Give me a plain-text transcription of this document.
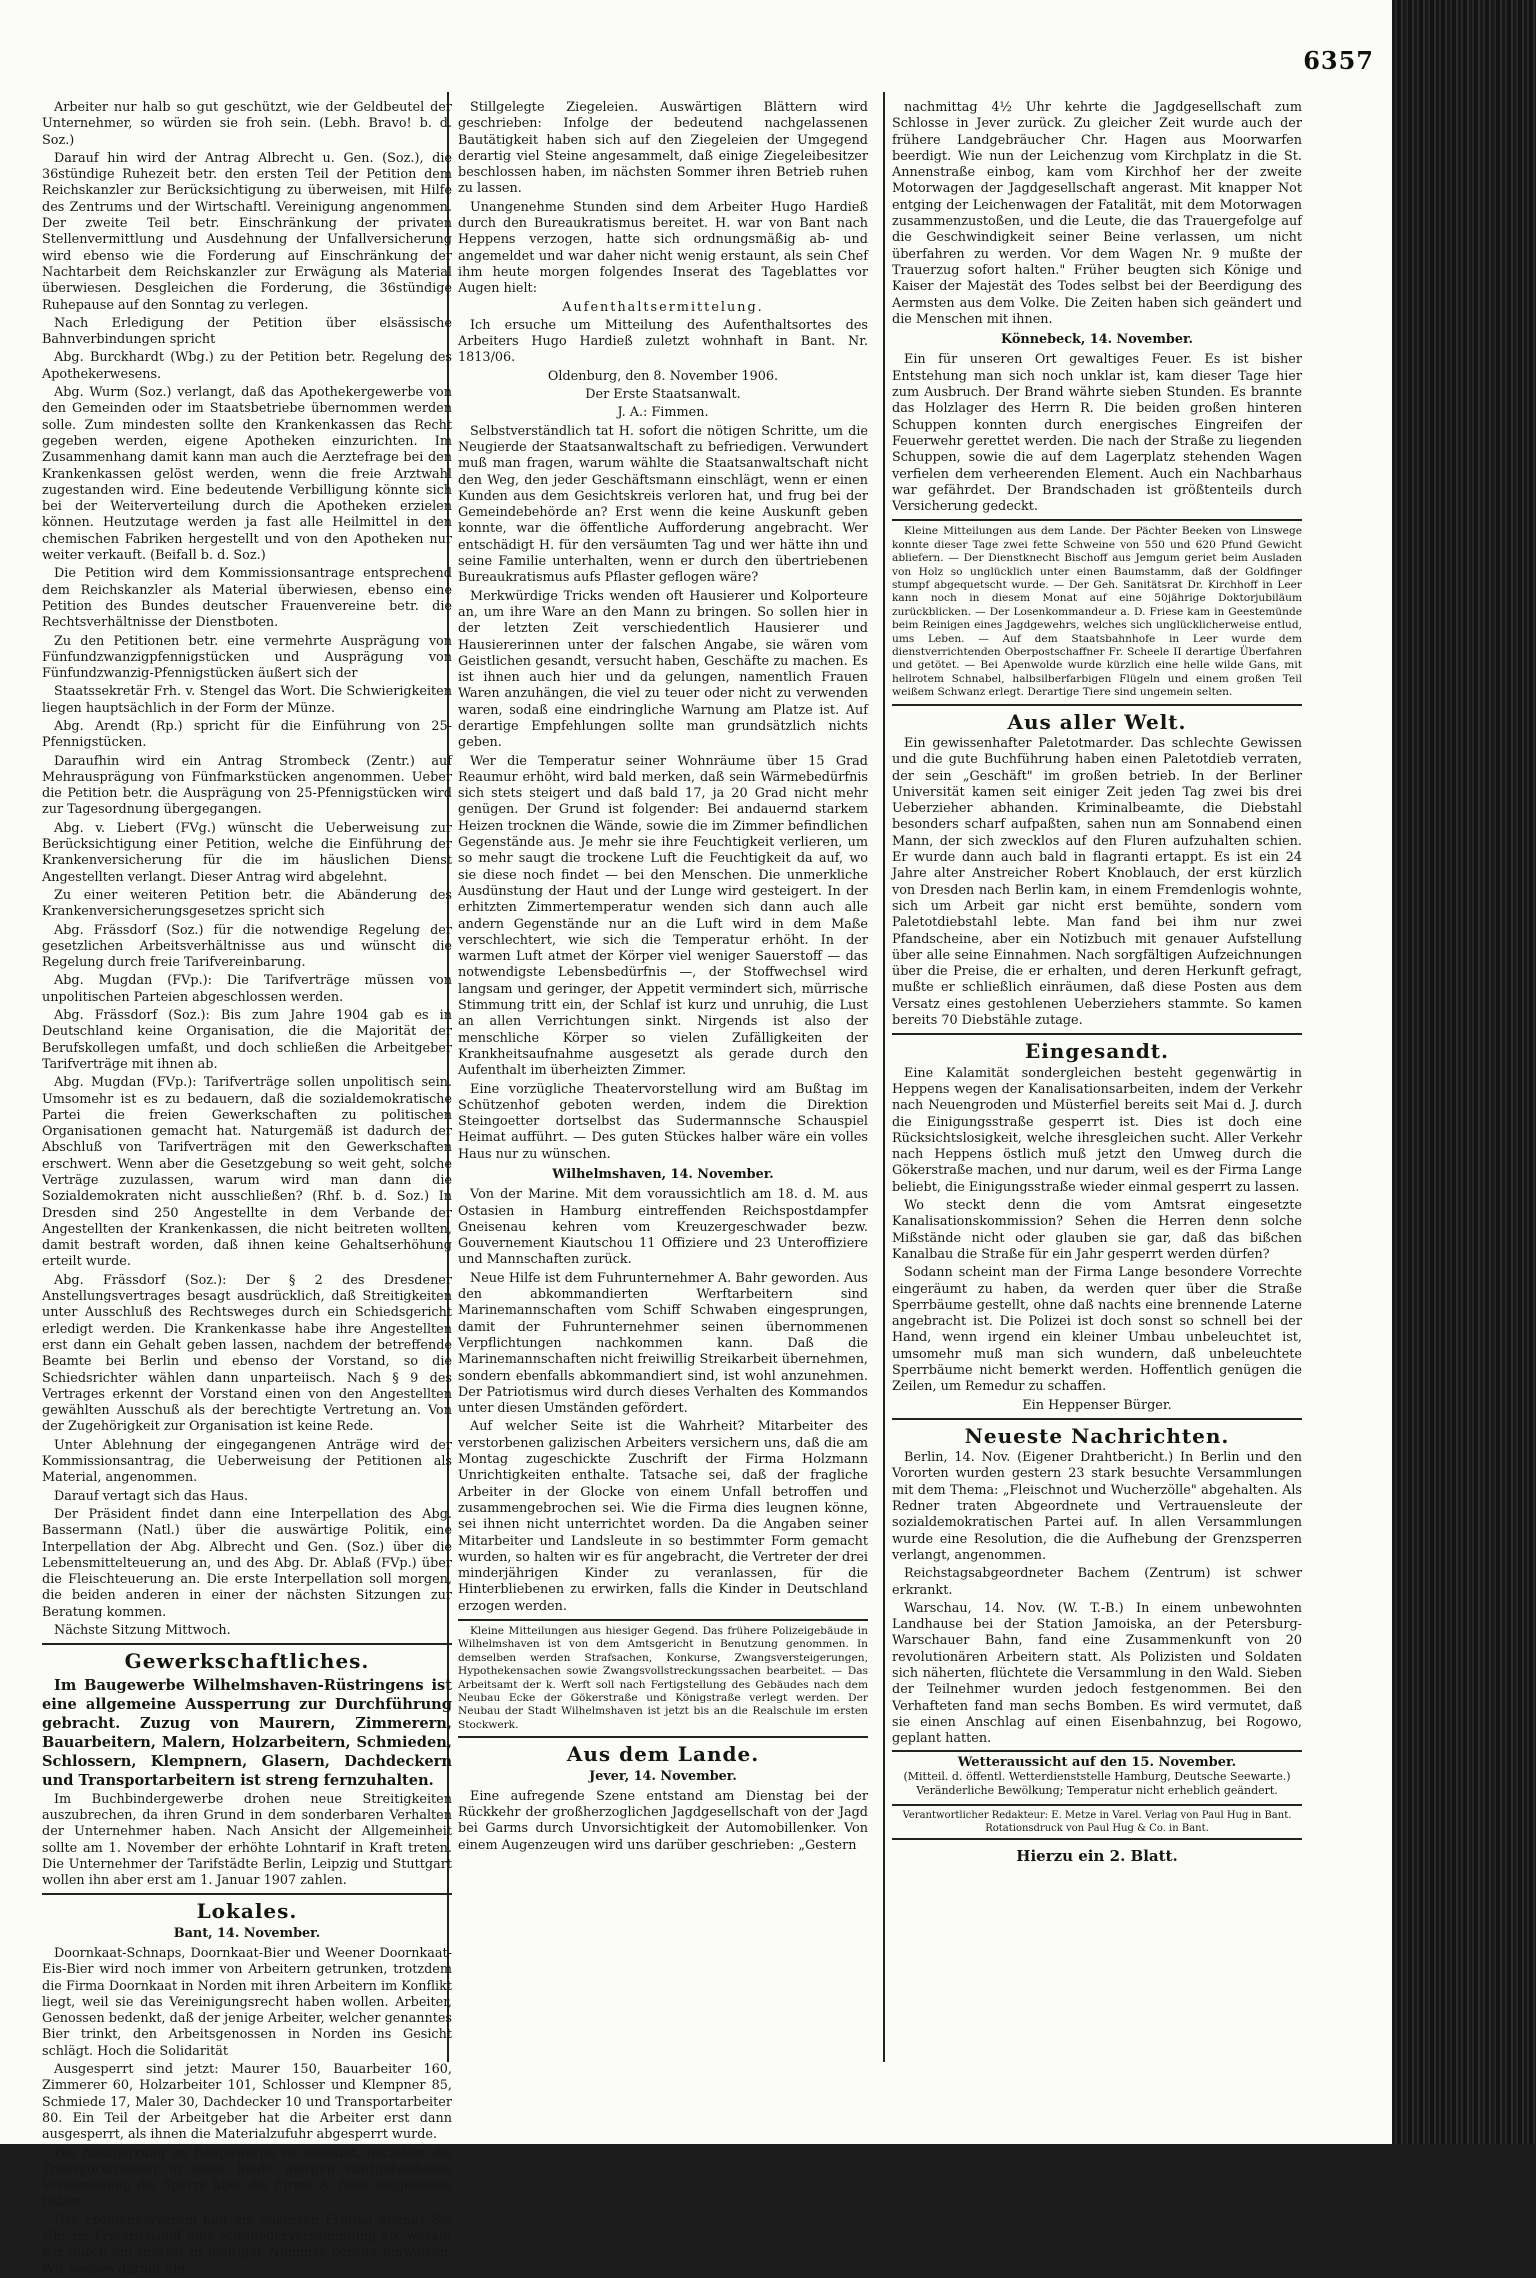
6357

Arbeiter nur halb so gut geschützt, wie der Geldbeutel der Unternehmer, so würden sie froh sein. (Lebh. Bravo! b. d. Soz.)

Darauf hin wird der Antrag Albrecht u. Gen. (Soz.), die 36stündige Ruhezeit betr. den ersten Teil der Petition dem Reichskanzler zur Berücksichtigung zu überweisen, mit Hilfe des Zentrums und der Wirtschaftl. Vereinigung angenommen. Der zweite Teil betr. Einschränkung der privaten Stellenvermittlung und Ausdehnung der Unfallversicherung wird ebenso wie die Forderung auf Einschränkung der Nachtarbeit dem Reichskanzler zur Erwägung als Material überwiesen. Desgleichen die Forderung, die 36stündige Ruhepause auf den Sonntag zu verlegen.

Nach Erledigung der Petition über elsässische Bahnverbindungen spricht

Abg. Burckhardt (Wbg.) zu der Petition betr. Regelung des Apothekerwesens.

Abg. Wurm (Soz.) verlangt, daß das Apothekergewerbe von den Gemeinden oder im Staatsbetriebe übernommen werden solle. Zum mindesten sollte den Krankenkassen das Recht gegeben werden, eigene Apotheken einzurichten. Im Zusammenhang damit kann man auch die Aerztefrage bei den Krankenkassen gelöst werden, wenn die freie Arztwahl zugestanden wird. Eine bedeutende Verbilligung könnte sich bei der Weiterverteilung durch die Apotheken erzielen können. Heutzutage werden ja fast alle Heilmittel in den chemischen Fabriken hergestellt und von den Apotheken nur weiter verkauft. (Beifall b. d. Soz.)

Die Petition wird dem Kommissionsantrage entsprechend dem Reichskanzler als Material überwiesen, ebenso eine Petition des Bundes deutscher Frauenvereine betr. die Rechtsverhältnisse der Dienstboten.

Zu den Petitionen betr. eine vermehrte Ausprägung von Fünfundzwanzigpfennigstücken und Ausprägung von Fünfundzwanzig-Pfennigstücken äußert sich der

Staatssekretär Frh. v. Stengel das Wort. Die Schwierigkeiten liegen hauptsächlich in der Form der Münze.

Abg. Arendt (Rp.) spricht für die Einführung von 25-Pfennigstücken.

Daraufhin wird ein Antrag Strombeck (Zentr.) auf Mehrausprägung von Fünfmarkstücken angenommen. Ueber die Petition betr. die Ausprägung von 25-Pfennigstücken wird zur Tagesordnung übergegangen.

Abg. v. Liebert (FVg.) wünscht die Ueberweisung zur Berücksichtigung einer Petition, welche die Einführung der Krankenversicherung für die im häuslichen Dienst Angestellten verlangt. Dieser Antrag wird abgelehnt.

Zu einer weiteren Petition betr. die Abänderung des Krankenversicherungsgesetzes spricht sich

Abg. Frässdorf (Soz.) für die notwendige Regelung der gesetzlichen Arbeitsverhältnisse aus und wünscht die Regelung durch freie Tarifvereinbarung.

Abg. Mugdan (FVp.): Die Tarifverträge müssen von unpolitischen Parteien abgeschlossen werden.

Abg. Frässdorf (Soz.): Bis zum Jahre 1904 gab es in Deutschland keine Organisation, die die Majorität der Berufskollegen umfaßt, und doch schließen die Arbeitgeber Tarifverträge mit ihnen ab.

Abg. Mugdan (FVp.): Tarifverträge sollen unpolitisch sein. Umsomehr ist es zu bedauern, daß die sozialdemokratische Partei die freien Gewerkschaften zu politischen Organisationen gemacht hat. Naturgemäß ist dadurch der Abschluß von Tarifverträgen mit den Gewerkschaften erschwert. Wenn aber die Gesetzgebung so weit geht, solche Verträge zuzulassen, warum wird man dann die Sozialdemokraten nicht ausschließen? (Rhf. b. d. Soz.) In Dresden sind 250 Angestellte in dem Verbande der Angestellten der Krankenkassen, die nicht beitreten wollten, damit bestraft worden, daß ihnen keine Gehaltserhöhung erteilt wurde.

Abg. Frässdorf (Soz.): Der § 2 des Dresdener Anstellungsvertrages besagt ausdrücklich, daß Streitigkeiten unter Ausschluß des Rechtsweges durch ein Schiedsgericht erledigt werden. Die Krankenkasse habe ihre Angestellten erst dann ein Gehalt geben lassen, nachdem der betreffende Beamte bei Berlin und ebenso der Vorstand, so die Schiedsrichter wählen dann unparteiisch. Nach § 9 des Vertrages erkennt der Vorstand einen von den Angestellten gewählten Ausschuß als der berechtigte Vertretung an. Von der Zugehörigkeit zur Organisation ist keine Rede.

Unter Ablehnung der eingegangenen Anträge wird der Kommissionsantrag, die Ueberweisung der Petitionen als Material, angenommen.

Darauf vertagt sich das Haus.

Der Präsident findet dann eine Interpellation des Abg. Bassermann (Natl.) über die auswärtige Politik, eine Interpellation der Abg. Albrecht und Gen. (Soz.) über die Lebensmittelteuerung an, und des Abg. Dr. Ablaß (FVp.) über die Fleischteuerung an. Die erste Interpellation soll morgen, die beiden anderen in einer der nächsten Sitzungen zur Beratung kommen.

Nächste Sitzung Mittwoch.

Gewerkschaftliches.

Im Baugewerbe Wilhelmshaven-Rüstringens ist eine allgemeine Aussperrung zur Durchführung gebracht. Zuzug von Maurern, Zimmerern, Bauarbeitern, Malern, Holzarbeitern, Schmieden, Schlossern, Klempnern, Glasern, Dachdeckern und Transportarbeitern ist streng fernzuhalten.

Im Buchbindergewerbe drohen neue Streitigkeiten auszubrechen, da ihren Grund in dem sonderbaren Verhalten der Unternehmer haben. Nach Ansicht der Allgemeinheit sollte am 1. November der erhöhte Lohntarif in Kraft treten. Die Unternehmer der Tarifstädte Berlin, Leipzig und Stuttgart wollen ihn aber erst am 1. Januar 1907 zahlen.

Lokales.
Bant, 14. November.

Doornkaat-Schnaps, Doornkaat-Bier und Weener Doornkaat-Eis-Bier wird noch immer von Arbeitern getrunken, trotzdem die Firma Doornkaat in Norden mit ihren Arbeitern im Konflikt liegt, weil sie das Vereinigungsrecht haben wollen. Arbeiter, Genossen bedenkt, daß der jenige Arbeiter, welcher genanntes Bier trinkt, den Arbeitsgenossen in Norden ins Gesicht schlägt. Hoch die Solidarität

Ausgesperrt sind jetzt: Maurer 150, Bauarbeiter 160, Zimmerer 60, Holzarbeiter 101, Schlosser und Klempner 85, Schmiede 17, Maler 30, Dachdecker 10 und Transportarbeiter 80. Ein Teil der Arbeitgeber hat die Arbeiter erst dann ausgesperrt, als ihnen die Materialzufuhr abgesperrt wurde.

Die Aussperrung im Baugewerbe ist beendet, nachdem die Transportarbeiter in einer heute morgen stattgefundenen Versammlung die Sperre über die Firma A. Bahr aufgehoben haben.

Der Freidenkerverein hält am nächsten Freitag abends 8½ Uhr im Friedrichshof eine Mitgliederversammlung ab, worauf wir durch ein Inserat in heutiger Nummer bereits hinweisen. Wir weisen darauf hin.

Stillgelegte Ziegeleien. Auswärtigen Blättern wird geschrieben: Infolge der bedeutend nachgelassenen Bautätigkeit haben sich auf den Ziegeleien der Umgegend derartig viel Steine angesammelt, daß einige Ziegeleibesitzer beschlossen haben, im nächsten Sommer ihren Betrieb ruhen zu lassen.

Unangenehme Stunden sind dem Arbeiter Hugo Hardieß durch den Bureaukratismus bereitet. H. war von Bant nach Heppens verzogen, hatte sich ordnungsmäßig ab- und angemeldet und war daher nicht wenig erstaunt, als sein Chef ihm heute morgen folgendes Inserat des Tageblattes vor Augen hielt:

Aufenthaltsermittelung.

Ich ersuche um Mitteilung des Aufenthaltsortes des Arbeiters Hugo Hardieß zuletzt wohnhaft in Bant. Nr. 1813/06.

Oldenburg, den 8. November 1906.

Der Erste Staatsanwalt.

J. A.: Fimmen.

Selbstverständlich tat H. sofort die nötigen Schritte, um die Neugierde der Staatsanwaltschaft zu befriedigen. Verwundert muß man fragen, warum wählte die Staatsanwaltschaft nicht den Weg, den jeder Geschäftsmann einschlägt, wenn er einen Kunden aus dem Gesichtskreis verloren hat, und frug bei der Gemeindebehörde an? Erst wenn die keine Auskunft geben konnte, war die öffentliche Aufforderung angebracht. Wer entschädigt H. für den versäumten Tag und wer hätte ihn und seine Familie unterhalten, wenn er durch den übertriebenen Bureaukratismus aufs Pflaster geflogen wäre?

Merkwürdige Tricks wenden oft Hausierer und Kolporteure an, um ihre Ware an den Mann zu bringen. So sollen hier in der letzten Zeit verschiedentlich Hausierer und Hausiererinnen unter der falschen Angabe, sie wären vom Geistlichen gesandt, versucht haben, Geschäfte zu machen. Es ist ihnen auch hier und da gelungen, namentlich Frauen Waren anzuhängen, die viel zu teuer oder nicht zu verwenden waren, sodaß eine eindringliche Warnung am Platze ist. Auf derartige Empfehlungen sollte man grundsätzlich nichts geben.

Wer die Temperatur seiner Wohnräume über 15 Grad Reaumur erhöht, wird bald merken, daß sein Wärmebedürfnis sich stets steigert und daß bald 17, ja 20 Grad nicht mehr genügen. Der Grund ist folgender: Bei andauernd starkem Heizen trocknen die Wände, sowie die im Zimmer befindlichen Gegenstände aus. Je mehr sie ihre Feuchtigkeit verlieren, um so mehr saugt die trockene Luft die Feuchtigkeit da auf, wo sie diese noch findet — bei den Menschen. Die unmerkliche Ausdünstung der Haut und der Lunge wird gesteigert. In der erhitzten Zimmertemperatur wenden sich dann auch alle andern Gegenstände nur an die Luft wird in dem Maße verschlechtert, wie sich die Temperatur erhöht. In der warmen Luft atmet der Körper viel weniger Sauerstoff — das notwendigste Lebensbedürfnis —, der Stoffwechsel wird langsam und geringer, der Appetit vermindert sich, mürrische Stimmung tritt ein, der Schlaf ist kurz und unruhig, die Lust an allen Verrichtungen sinkt. Nirgends ist also der menschliche Körper so vielen Zufälligkeiten der Krankheitsaufnahme ausgesetzt als gerade durch den Aufenthalt im überheizten Zimmer.

Eine vorzügliche Theatervorstellung wird am Bußtag im Schützenhof geboten werden, indem die Direktion Steingoetter dortselbst das Sudermannsche Schauspiel Heimat aufführt. — Des guten Stückes halber wäre ein volles Haus nur zu wünschen.

Wilhelmshaven, 14. November.

Von der Marine. Mit dem voraussichtlich am 18. d. M. aus Ostasien in Hamburg eintreffenden Reichspostdampfer Gneisenau kehren vom Kreuzergeschwader bezw. Gouvernement Kiautschou 11 Offiziere und 23 Unteroffiziere und Mannschaften zurück.

Neue Hilfe ist dem Fuhrunternehmer A. Bahr geworden. Aus den abkommandierten Werftarbeitern sind Marinemannschaften vom Schiff Schwaben eingesprungen, damit der Fuhrunternehmer seinen übernommenen Verpflichtungen nachkommen kann. Daß die Marinemannschaften nicht freiwillig Streikarbeit übernehmen, sondern ebenfalls abkommandiert sind, ist wohl anzunehmen. Der Patriotismus wird durch dieses Verhalten des Kommandos unter diesen Umständen gefördert.

Auf welcher Seite ist die Wahrheit? Mitarbeiter des verstorbenen galizischen Arbeiters versichern uns, daß die am Montag zugeschickte Zuschrift der Firma Holzmann Unrichtigkeiten enthalte. Tatsache sei, daß der fragliche Arbeiter in der Glocke von einem Unfall betroffen und zusammengebrochen sei. Wie die Firma dies leugnen könne, sei ihnen nicht unterrichtet worden. Da die Angaben seiner Mitarbeiter und Landsleute in so bestimmter Form gemacht wurden, so halten wir es für angebracht, die Vertreter der drei minderjährigen Kinder zu veranlassen, für die Hinterbliebenen zu erwirken, falls die Kinder in Deutschland erzogen werden.

Kleine Mitteilungen aus hiesiger Gegend. Das frühere Polizeigebäude in Wilhelmshaven ist von dem Amtsgericht in Benutzung genommen. In demselben werden Strafsachen, Konkurse, Zwangsversteigerungen, Hypothekensachen sowie Zwangsvollstreckungssachen bearbeitet. — Das Arbeitsamt der k. Werft soll nach Fertigstellung des Gebäudes nach dem Neubau Ecke der Gökerstraße und Königstraße verlegt werden. Der Neubau der Stadt Wilhelmshaven ist jetzt bis an die Realschule im ersten Stockwerk.

Aus dem Lande.
Jever, 14. November.

Eine aufregende Szene entstand am Dienstag bei der Rückkehr der großherzoglichen Jagdgesellschaft von der Jagd bei Garms durch Unvorsichtigkeit der Automobillenker. Von einem Augenzeugen wird uns darüber geschrieben: „Gestern

nachmittag 4½ Uhr kehrte die Jagdgesellschaft zum Schlosse in Jever zurück. Zu gleicher Zeit wurde auch der frühere Landgebräucher Chr. Hagen aus Moorwarfen beerdigt. Wie nun der Leichenzug vom Kirchplatz in die St. Annenstraße einbog, kam vom Kirchhof her der zweite Motorwagen der Jagdgesellschaft angerast. Mit knapper Not entging der Leichenwagen der Fatalität, mit dem Motorwagen zusammenzustoßen, und die Leute, die das Trauergefolge auf die Geschwindigkeit seiner Beine verlassen, um nicht überfahren zu werden. Vor dem Wagen Nr. 9 mußte der Trauerzug sofort halten." Früher beugten sich Könige und Kaiser der Majestät des Todes selbst bei der Beerdigung des Aermsten aus dem Volke. Die Zeiten haben sich geändert und die Menschen mit ihnen.

Könnebeck, 14. November.

Ein für unseren Ort gewaltiges Feuer. Es ist bisher Entstehung man sich noch unklar ist, kam dieser Tage hier zum Ausbruch. Der Brand währte sieben Stunden. Es brannte das Holzlager des Herrn R. Die beiden großen hinteren Schuppen konnten durch energisches Eingreifen der Feuerwehr gerettet werden. Die nach der Straße zu liegenden Schuppen, sowie die auf dem Lagerplatz stehenden Wagen verfielen dem verheerenden Element. Auch ein Nachbarhaus war gefährdet. Der Brandschaden ist größtenteils durch Versicherung gedeckt.

Kleine Mitteilungen aus dem Lande. Der Pächter Beeken von Linswege konnte dieser Tage zwei fette Schweine von 550 und 620 Pfund Gewicht abliefern. — Der Dienstknecht Bischoff aus Jemgum geriet beim Ausladen von Holz so unglücklich unter einen Baumstamm, daß der Goldfinger stumpf abgequetscht wurde. — Der Geh. Sanitätsrat Dr. Kirchhoff in Leer kann noch in diesem Monat auf eine 50jährige Doktorjubiläum zurückblicken. — Der Losenkommandeur a. D. Friese kam in Geestemünde beim Reinigen eines Jagdgewehrs, welches sich unglücklicherweise entlud, ums Leben. — Auf dem Staatsbahnhofe in Leer wurde dem dienstverrichtenden Oberpostschaffner Fr. Scheele II derartige Überfahren und getötet. — Bei Apenwolde wurde kürzlich eine helle wilde Gans, mit hellrotem Schnabel, halbsilberfarbigen Flügeln und einem großen Teil weißem Schwanz erlegt. Derartige Tiere sind ungemein selten.

Aus aller Welt.

Ein gewissenhafter Paletotmarder. Das schlechte Gewissen und die gute Buchführung haben einen Paletotdieb verraten, der sein „Geschäft" im großen betrieb. In der Berliner Universität kamen seit einiger Zeit jeden Tag zwei bis drei Ueberzieher abhanden. Kriminalbeamte, die Diebstahl besonders scharf aufpaßten, sahen nun am Sonnabend einen Mann, der sich zwecklos auf den Fluren aufzuhalten schien. Er wurde dann auch bald in flagranti ertappt. Es ist ein 24 Jahre alter Anstreicher Robert Knoblauch, der erst kürzlich von Dresden nach Berlin kam, in einem Fremdenlogis wohnte, sich um Arbeit gar nicht erst bemühte, sondern vom Paletotdiebstahl lebte. Man fand bei ihm nur zwei Pfandscheine, aber ein Notizbuch mit genauer Aufstellung über alle seine Einnahmen. Nach sorgfältigen Aufzeichnungen über die Preise, die er erhalten, und deren Herkunft gefragt, mußte er schließlich einräumen, daß diese Posten aus dem Versatz eines gestohlenen Ueberziehers stammte. So kamen bereits 70 Diebstähle zutage.

Eingesandt.

Eine Kalamität sondergleichen besteht gegenwärtig in Heppens wegen der Kanalisationsarbeiten, indem der Verkehr nach Neuengroden und Müsterfiel bereits seit Mai d. J. durch die Einigungsstraße gesperrt ist. Dies ist doch eine Rücksichtslosigkeit, welche ihresgleichen sucht. Aller Verkehr nach Heppens östlich muß jetzt den Umweg durch die Gökerstraße machen, und nur darum, weil es der Firma Lange beliebt, die Einigungsstraße wieder einmal gesperrt zu lassen.

Wo steckt denn die vom Amtsrat eingesetzte Kanalisationskommission? Sehen die Herren denn solche Mißstände nicht oder glauben sie gar, daß das bißchen Kanalbau die Straße für ein Jahr gesperrt werden dürfen?

Sodann scheint man der Firma Lange besondere Vorrechte eingeräumt zu haben, da werden quer über die Straße Sperrbäume gestellt, ohne daß nachts eine brennende Laterne angebracht ist. Die Polizei ist doch sonst so schnell bei der Hand, wenn irgend ein kleiner Umbau unbeleuchtet ist, umsomehr muß man sich wundern, daß unbeleuchtete Sperrbäume nicht bemerkt werden. Hoffentlich genügen die Zeilen, um Remedur zu schaffen.

Ein Heppenser Bürger.

Neueste Nachrichten.

Berlin, 14. Nov. (Eigener Drahtbericht.) In Berlin und den Vororten wurden gestern 23 stark besuchte Versammlungen mit dem Thema: „Fleischnot und Wucherzölle" abgehalten. Als Redner traten Abgeordnete und Vertrauensleute der sozialdemokratischen Partei auf. In allen Versammlungen wurde eine Resolution, die die Aufhebung der Grenzsperren verlangt, angenommen.

Reichstagsabgeordneter Bachem (Zentrum) ist schwer erkrankt.

Warschau, 14. Nov. (W. T.-B.) In einem unbewohnten Landhause bei der Station Jamoiska, an der Petersburg-Warschauer Bahn, fand eine Zusammenkunft von 20 revolutionären Arbeitern statt. Als Polizisten und Soldaten sich näherten, flüchtete die Versammlung in den Wald. Sieben der Teilnehmer wurden jedoch festgenommen. Bei den Verhafteten fand man sechs Bomben. Es wird vermutet, daß sie einen Anschlag auf einen Eisenbahnzug, bei Rogowo, geplant hatten.

Wetteraussicht auf den 15. November.
(Mitteil. d. öffentl. Wetterdienststelle Hamburg, Deutsche Seewarte.)
Veränderliche Bewölkung; Temperatur nicht erheblich geändert.
Verantwortlicher Redakteur: E. Metze in Varel. Verlag von Paul Hug in Bant. Rotationsdruck von Paul Hug & Co. in Bant.
Hierzu ein 2. Blatt.
